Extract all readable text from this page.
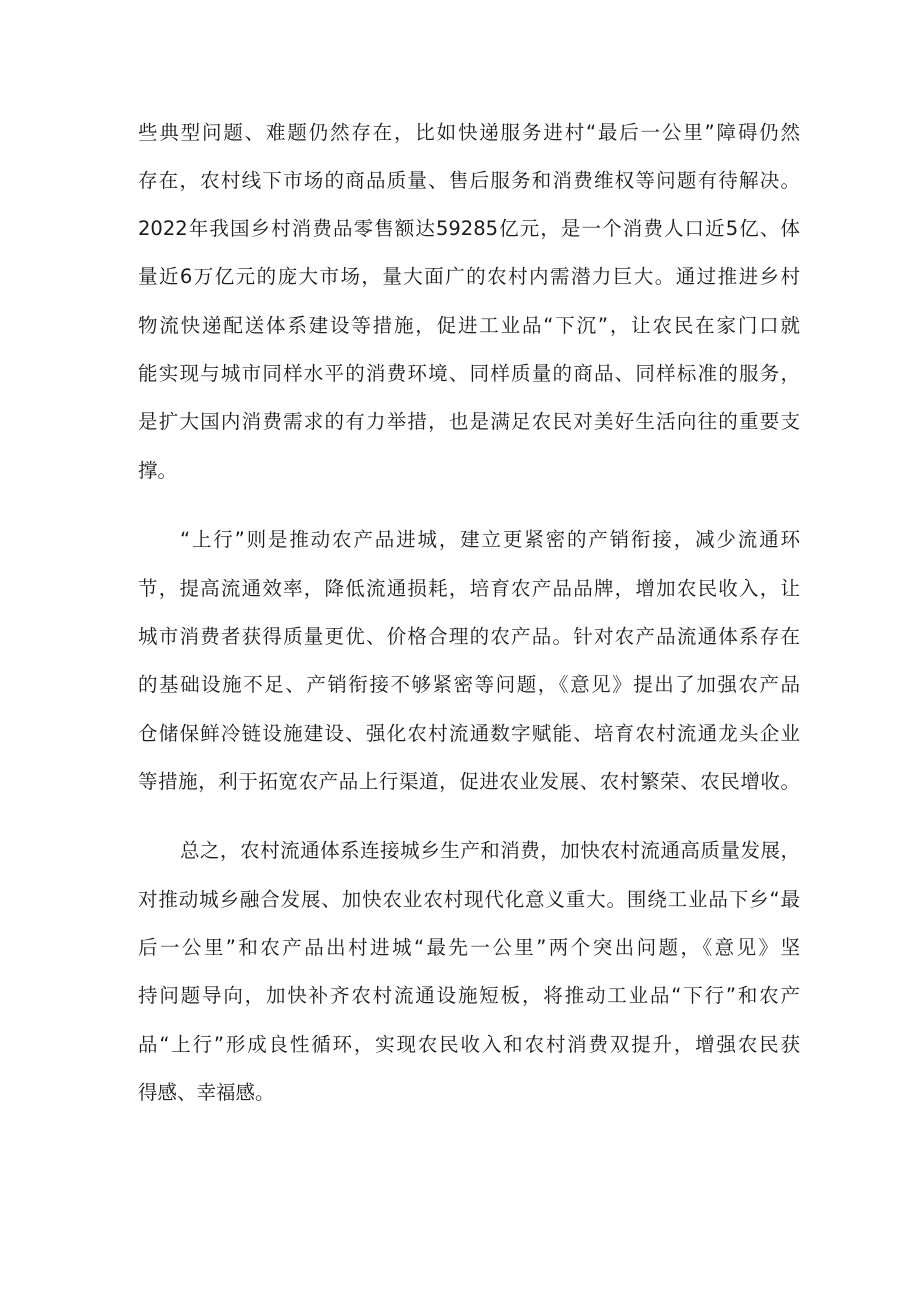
些典型问题、难题仍然存在，比如快递服务进村“最后一公里”障碍仍然
存在，农村线下市场的商品质量、售后服务和消费维权等问题有待解决。
2022年我国乡村消费品零售额达59285亿元，是一个消费人口近5亿、体
量近6万亿元的庞大市场，量大面广的农村内需潜力巨大。通过推进乡村
物流快递配送体系建设等措施，促进工业品“下沉”，让农民在家门口就
能实现与城市同样水平的消费环境、同样质量的商品、同样标准的服务，
是扩大国内消费需求的有力举措，也是满足农民对美好生活向往的重要支
撑。
“上行”则是推动农产品进城，建立更紧密的产销衔接，减少流通环
节，提高流通效率，降低流通损耗，培育农产品品牌，增加农民收入，让
城市消费者获得质量更优、价格合理的农产品。针对农产品流通体系存在
的基础设施不足、产销衔接不够紧密等问题，《意见》提出了加强农产品
仓储保鲜冷链设施建设、强化农村流通数字赋能、培育农村流通龙头企业
等措施，利于拓宽农产品上行渠道，促进农业发展、农村繁荣、农民增收。
总之，农村流通体系连接城乡生产和消费，加快农村流通高质量发展，
对推动城乡融合发展、加快农业农村现代化意义重大。围绕工业品下乡“最
后一公里”和农产品出村进城“最先一公里”两个突出问题，《意见》坚
持问题导向，加快补齐农村流通设施短板，将推动工业品“下行”和农产
品“上行”形成良性循环，实现农民收入和农村消费双提升，增强农民获
得感、幸福感。
